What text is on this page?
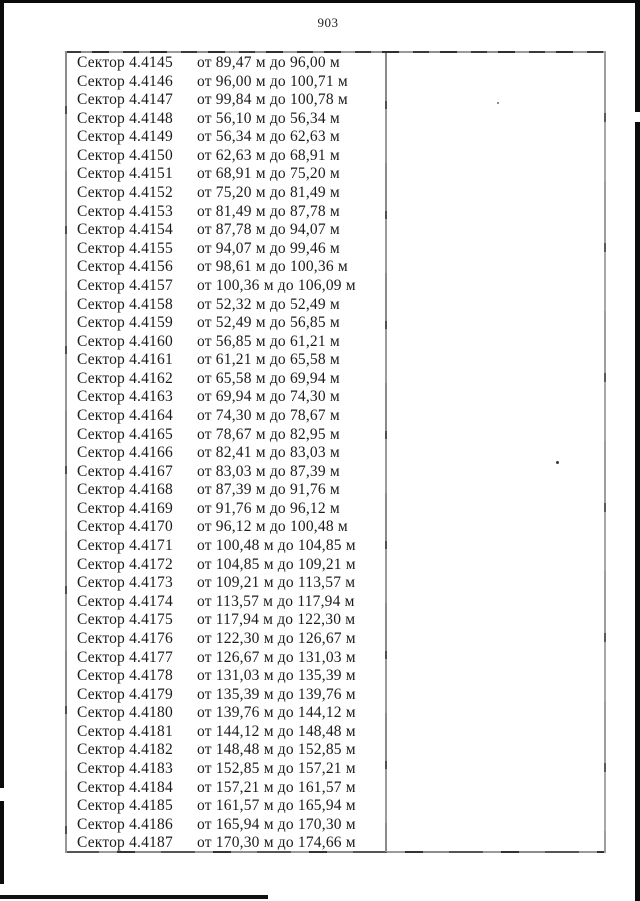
903
Сектор 4.4145	от 89,47 м до 96,00 м
Сектор 4.4146	от 96,00 м до 100,71 м
Сектор 4.4147	от 99,84 м до 100,78 м
Сектор 4.4148	от 56,10 м до 56,34 м
Сектор 4.4149	от 56,34 м до 62,63 м
Сектор 4.4150	от 62,63 м до 68,91 м
Сектор 4.4151	от 68,91 м до 75,20 м
Сектор 4.4152	от 75,20 м до 81,49 м
Сектор 4.4153	от 81,49 м до 87,78 м
Сектор 4.4154	от 87,78 м до 94,07 м
Сектор 4.4155	от 94,07 м до 99,46 м
Сектор 4.4156	от 98,61 м до 100,36 м
Сектор 4.4157	от 100,36 м до 106,09 м
Сектор 4.4158	от 52,32 м до 52,49 м
Сектор 4.4159	от 52,49 м до 56,85 м
Сектор 4.4160	от 56,85 м до 61,21 м
Сектор 4.4161	от 61,21 м до 65,58 м
Сектор 4.4162	от 65,58 м до 69,94 м
Сектор 4.4163	от 69,94 м до 74,30 м
Сектор 4.4164	от 74,30 м до 78,67 м
Сектор 4.4165	от 78,67 м до 82,95 м
Сектор 4.4166	от 82,41 м до 83,03 м
Сектор 4.4167	от 83,03 м до 87,39 м
Сектор 4.4168	от 87,39 м до 91,76 м
Сектор 4.4169	от 91,76 м до 96,12 м
Сектор 4.4170	от 96,12 м до 100,48 м
Сектор 4.4171	от 100,48 м до 104,85 м
Сектор 4.4172	от 104,85 м до 109,21 м
Сектор 4.4173	от 109,21 м до 113,57 м
Сектор 4.4174	от 113,57 м до 117,94 м
Сектор 4.4175	от 117,94 м до 122,30 м
Сектор 4.4176	от 122,30 м до 126,67 м
Сектор 4.4177	от 126,67 м до 131,03 м
Сектор 4.4178	от 131,03 м до 135,39 м
Сектор 4.4179	от 135,39 м до 139,76 м
Сектор 4.4180	от 139,76 м до 144,12 м
Сектор 4.4181	от 144,12 м до 148,48 м
Сектор 4.4182	от 148,48 м до 152,85 м
Сектор 4.4183	от 152,85 м до 157,21 м
Сектор 4.4184	от 157,21 м до 161,57 м
Сектор 4.4185	от 161,57 м до 165,94 м
Сектор 4.4186	от 165,94 м до 170,30 м
Сектор 4.4187	от 170,30 м до 174,66 м
